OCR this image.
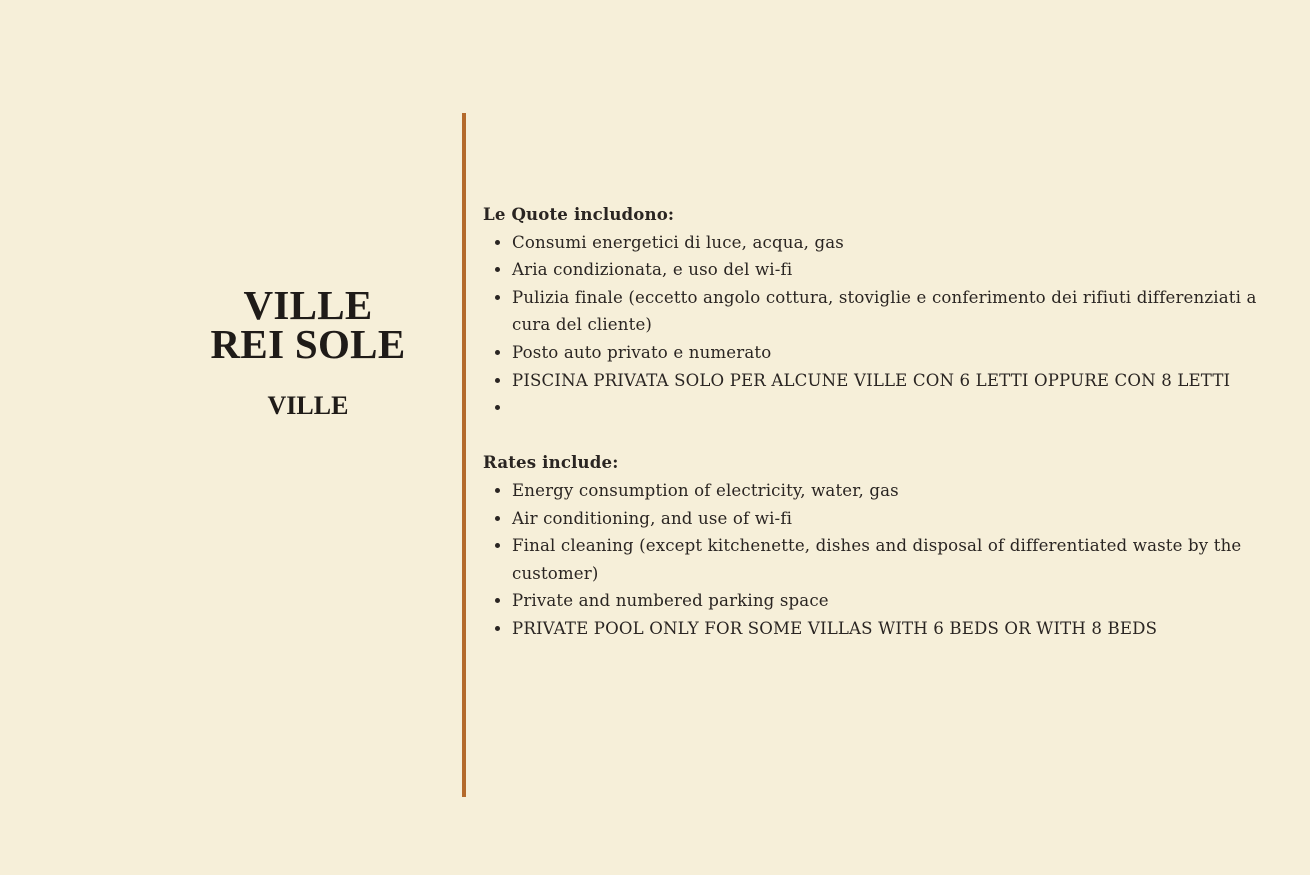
VILLE
REI SOLE
VILLE

Le Quote includono:

• Consumi energetici di luce, acqua, gas
• Aria condizionata, e uso del wi-fi
• Pulizia finale (eccetto angolo cottura, stoviglie e conferimento dei rifiuti differenziati a cura del cliente)
• Posto auto privato e numerato
• PISCINA PRIVATA SOLO PER ALCUNE VILLE CON 6 LETTI OPPURE CON 8 LETTI
•

Rates include:

• Energy consumption of electricity, water, gas
• Air conditioning, and use of wi-fi
• Final cleaning (except kitchenette, dishes and disposal of differentiated waste by the customer)
• Private and numbered parking space
• PRIVATE POOL ONLY FOR SOME VILLAS WITH 6 BEDS OR WITH 8 BEDS
